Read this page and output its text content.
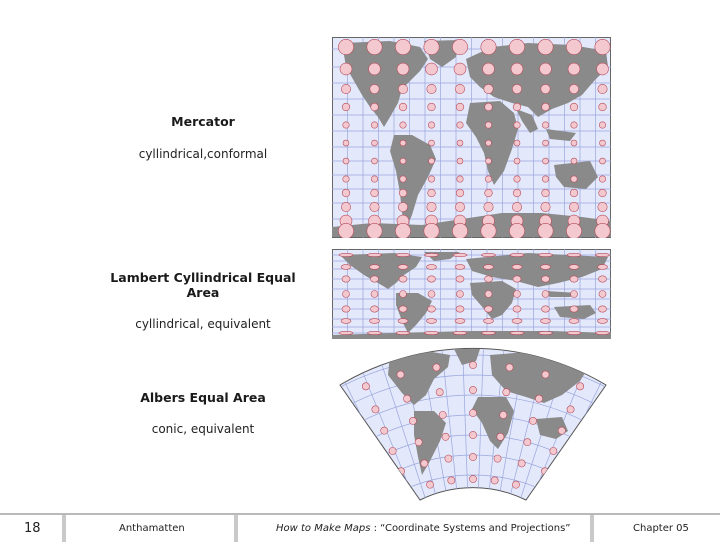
Mercator
cyllindrical,conformal
Lambert Cyllindrical Equal Area
cyllindrical, equivalent
Albers Equal Area
conic, equivalent
18	Anthamatten	How to Make Maps : “Coordinate Systems and Projections”	Chapter 05
